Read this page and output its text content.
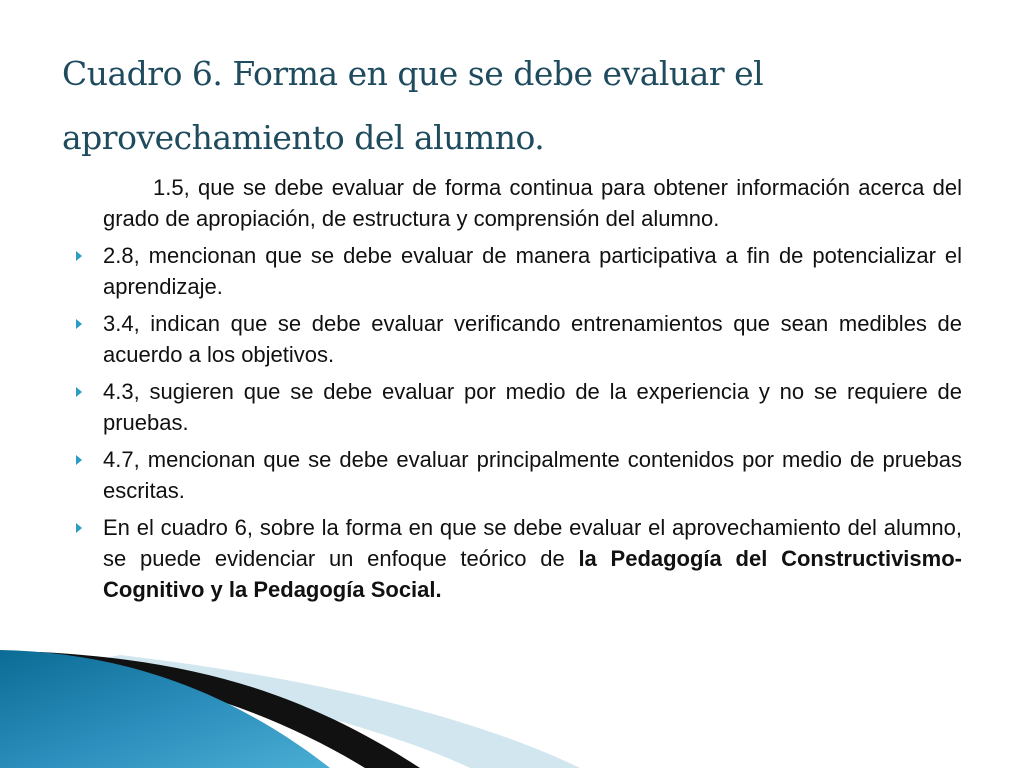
Cuadro 6. Forma en que se debe evaluar el aprovechamiento del alumno.

1.5, que se debe evaluar de forma continua para obtener información acerca del grado de apropiación, de estructura y comprensión del alumno.

2.8, mencionan que se debe evaluar de manera participativa a fin de potencializar el aprendizaje.

3.4, indican que se debe evaluar verificando entrenamientos que sean medibles de acuerdo a los objetivos.

4.3, sugieren que se debe evaluar por medio de la experiencia y no se requiere de pruebas.

4.7, mencionan que se debe evaluar principalmente contenidos por medio de pruebas escritas.

En el cuadro 6, sobre la forma en que se debe evaluar el aprovechamiento del alumno, se puede evidenciar un enfoque teórico de la Pedagogía del Constructivismo-Cognitivo y la Pedagogía Social.
